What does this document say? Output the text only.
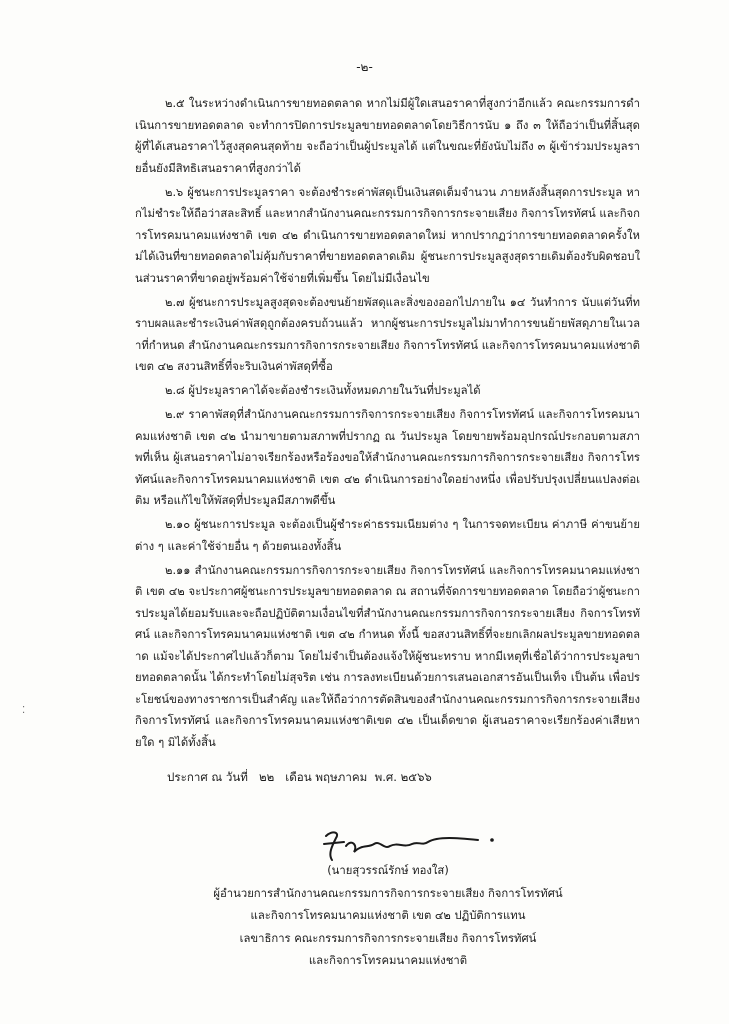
-๒-

๒.๕ ในระหว่างดำเนินการขายทอดตลาด หากไม่มีผู้ใดเสนอราคาที่สูงกว่าอีกแล้ว คณะกรรมการดำเนินการขายทอดตลาด จะทำการปิดการประมูลขายทอดตลาดโดยวิธีการนับ ๑ ถึง ๓ ให้ถือว่าเป็นที่สิ้นสุด ผู้ที่ได้เสนอราคาไว้สูงสุดคนสุดท้าย จะถือว่าเป็นผู้ประมูลได้ แต่ในขณะที่ยังนับไม่ถึง ๓ ผู้เข้าร่วมประมูลรายอื่นยังมีสิทธิเสนอราคาที่สูงกว่าได้

๒.๖ ผู้ชนะการประมูลราคา จะต้องชำระค่าพัสดุเป็นเงินสดเต็มจำนวน ภายหลังสิ้นสุดการประมูล หากไม่ชำระให้ถือว่าสละสิทธิ์ และหากสำนักงานคณะกรรมการกิจการกระจายเสียง กิจการโทรทัศน์ และกิจการโทรคมนาคมแห่งชาติ เขต ๔๒ ดำเนินการขายทอดตลาดใหม่ หากปรากฏว่าการขายทอดตลาดครั้งใหม่ได้เงินที่ขายทอดตลาดไม่คุ้มกับราคาที่ขายทอดตลาดเดิม ผู้ชนะการประมูลสูงสุดรายเดิมต้องรับผิดชอบในส่วนราคาที่ขาดอยู่พร้อมค่าใช้จ่ายที่เพิ่มขึ้น โดยไม่มีเงื่อนไข

๒.๗ ผู้ชนะการประมูลสูงสุดจะต้องขนย้ายพัสดุและสิ่งของออกไปภายใน ๑๔ วันทำการ นับแต่วันที่ทราบผลและชำระเงินค่าพัสดุถูกต้องครบถ้วนแล้ว หากผู้ชนะการประมูลไม่มาทำการขนย้ายพัสดุภายในเวลาที่กำหนด สำนักงานคณะกรรมการกิจการกระจายเสียง กิจการโทรทัศน์ และกิจการโทรคมนาคมแห่งชาติ เขต ๔๒ สงวนสิทธิ์ที่จะริบเงินค่าพัสดุที่ซื้อ

๒.๘ ผู้ประมูลราคาได้จะต้องชำระเงินทั้งหมดภายในวันที่ประมูลได้

๒.๙ ราคาพัสดุที่สำนักงานคณะกรรมการกิจการกระจายเสียง กิจการโทรทัศน์ และกิจการโทรคมนาคมแห่งชาติ เขต ๔๒ นำมาขายตามสภาพที่ปรากฏ ณ วันประมูล โดยขายพร้อมอุปกรณ์ประกอบตามสภาพที่เห็น ผู้เสนอราคาไม่อาจเรียกร้องหรือร้องขอให้สำนักงานคณะกรรมการกิจการกระจายเสียง กิจการโทรทัศน์และกิจการโทรคมนาคมแห่งชาติ เขต ๔๒ ดำเนินการอย่างใดอย่างหนึ่ง เพื่อปรับปรุงเปลี่ยนแปลงต่อเติม หรือแก้ไขให้พัสดุที่ประมูลมีสภาพดีขึ้น

๒.๑๐ ผู้ชนะการประมูล จะต้องเป็นผู้ชำระค่าธรรมเนียมต่าง ๆ ในการจดทะเบียน ค่าภาษี ค่าขนย้ายต่าง ๆ และค่าใช้จ่ายอื่น ๆ ด้วยตนเองทั้งสิ้น

๒.๑๑ สำนักงานคณะกรรมการกิจการกระจายเสียง กิจการโทรทัศน์ และกิจการโทรคมนาคมแห่งชาติ เขต ๔๒ จะประกาศผู้ชนะการประมูลขายทอดตลาด ณ สถานที่จัดการขายทอดตลาด โดยถือว่าผู้ชนะการประมูลได้ยอมรับและจะถือปฏิบัติตามเงื่อนไขที่สำนักงานคณะกรรมการกิจการกระจายเสียง กิจการโทรทัศน์ และกิจการโทรคมนาคมแห่งชาติ เขต ๔๒ กำหนด ทั้งนี้ ขอสงวนสิทธิ์ที่จะยกเลิกผลประมูลขายทอดตลาด แม้จะได้ประกาศไปแล้วก็ตาม โดยไม่จำเป็นต้องแจ้งให้ผู้ชนะทราบ หากมีเหตุที่เชื่อได้ว่าการประมูลขายทอดตลาดนั้น ได้กระทำโดยไม่สุจริต เช่น การลงทะเบียนด้วยการเสนอเอกสารอันเป็นเท็จ เป็นต้น เพื่อประโยชน์ของทางราชการเป็นสำคัญ และให้ถือว่าการตัดสินของสำนักงานคณะกรรมการกิจการกระจายเสียง กิจการโทรทัศน์ และกิจการโทรคมนาคมแห่งชาติเขต ๔๒ เป็นเด็ดขาด ผู้เสนอราคาจะเรียกร้องค่าเสียหายใด ๆ มิได้ทั้งสิ้น

ประกาศ ณ วันที่   ๒๒   เดือน พฤษภาคม  พ.ศ. ๒๕๖๖
(นายสุวรรณ์รักษ์ ทองใส)
ผู้อำนวยการสำนักงานคณะกรรมการกิจการกระจายเสียง กิจการโทรทัศน์
และกิจการโทรคมนาคมแห่งชาติ เขต ๔๒ ปฏิบัติการแทน
เลขาธิการ คณะกรรมการกิจการกระจายเสียง กิจการโทรทัศน์
และกิจการโทรคมนาคมแห่งชาติ
⁚
